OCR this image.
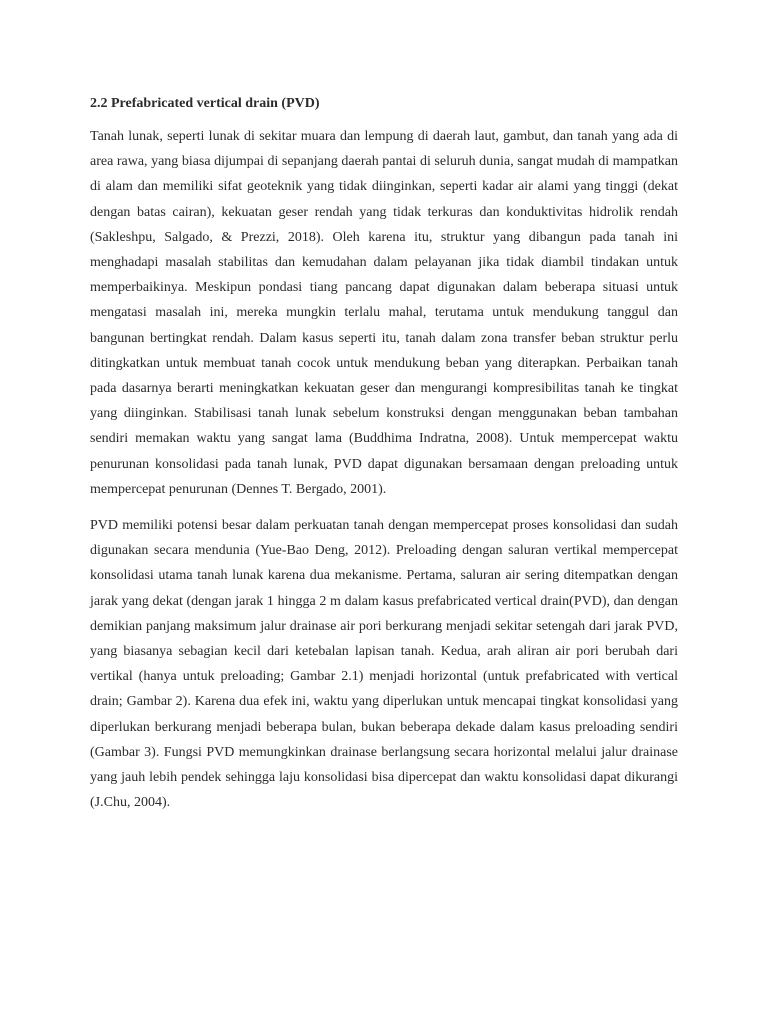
2.2 Prefabricated vertical drain (PVD)

Tanah lunak, seperti lunak di sekitar muara dan lempung di daerah laut, gambut, dan tanah yang ada di area rawa, yang biasa dijumpai di sepanjang daerah pantai di seluruh dunia, sangat mudah di mampatkan di alam dan memiliki sifat geoteknik yang tidak diinginkan, seperti kadar air alami yang tinggi (dekat dengan batas cairan), kekuatan geser rendah yang tidak terkuras dan konduktivitas hidrolik rendah (Sakleshpu, Salgado, & Prezzi, 2018). Oleh karena itu, struktur yang dibangun pada tanah ini menghadapi masalah stabilitas dan kemudahan dalam pelayanan jika tidak diambil tindakan untuk memperbaikinya. Meskipun pondasi tiang pancang dapat digunakan dalam beberapa situasi untuk mengatasi masalah ini, mereka mungkin terlalu mahal, terutama untuk mendukung tanggul dan bangunan bertingkat rendah. Dalam kasus seperti itu, tanah dalam zona transfer beban struktur perlu ditingkatkan untuk membuat tanah cocok untuk mendukung beban yang diterapkan. Perbaikan tanah pada dasarnya berarti meningkatkan kekuatan geser dan mengurangi kompresibilitas tanah ke tingkat yang diinginkan. Stabilisasi tanah lunak sebelum konstruksi dengan menggunakan beban tambahan sendiri memakan waktu yang sangat lama (Buddhima Indratna, 2008). Untuk mempercepat waktu penurunan konsolidasi pada tanah lunak, PVD dapat digunakan bersamaan dengan preloading untuk mempercepat penurunan (Dennes T. Bergado, 2001).

PVD memiliki potensi besar dalam perkuatan tanah dengan mempercepat proses konsolidasi dan sudah digunakan secara mendunia (Yue-Bao Deng, 2012). Preloading dengan saluran vertikal mempercepat konsolidasi utama tanah lunak karena dua mekanisme. Pertama, saluran air sering ditempatkan dengan jarak yang dekat (dengan jarak 1 hingga 2 m dalam kasus prefabricated vertical drain(PVD), dan dengan demikian panjang maksimum jalur drainase air pori berkurang menjadi sekitar setengah dari jarak PVD, yang biasanya sebagian kecil dari ketebalan lapisan tanah. Kedua, arah aliran air pori berubah dari vertikal (hanya untuk preloading; Gambar 2.1) menjadi horizontal (untuk prefabricated with vertical drain; Gambar 2). Karena dua efek ini, waktu yang diperlukan untuk mencapai tingkat konsolidasi yang diperlukan berkurang menjadi beberapa bulan, bukan beberapa dekade dalam kasus preloading sendiri (Gambar 3). Fungsi PVD memungkinkan drainase berlangsung secara horizontal melalui jalur drainase yang jauh lebih pendek sehingga laju konsolidasi bisa dipercepat dan waktu konsolidasi dapat dikurangi (J.Chu, 2004).
